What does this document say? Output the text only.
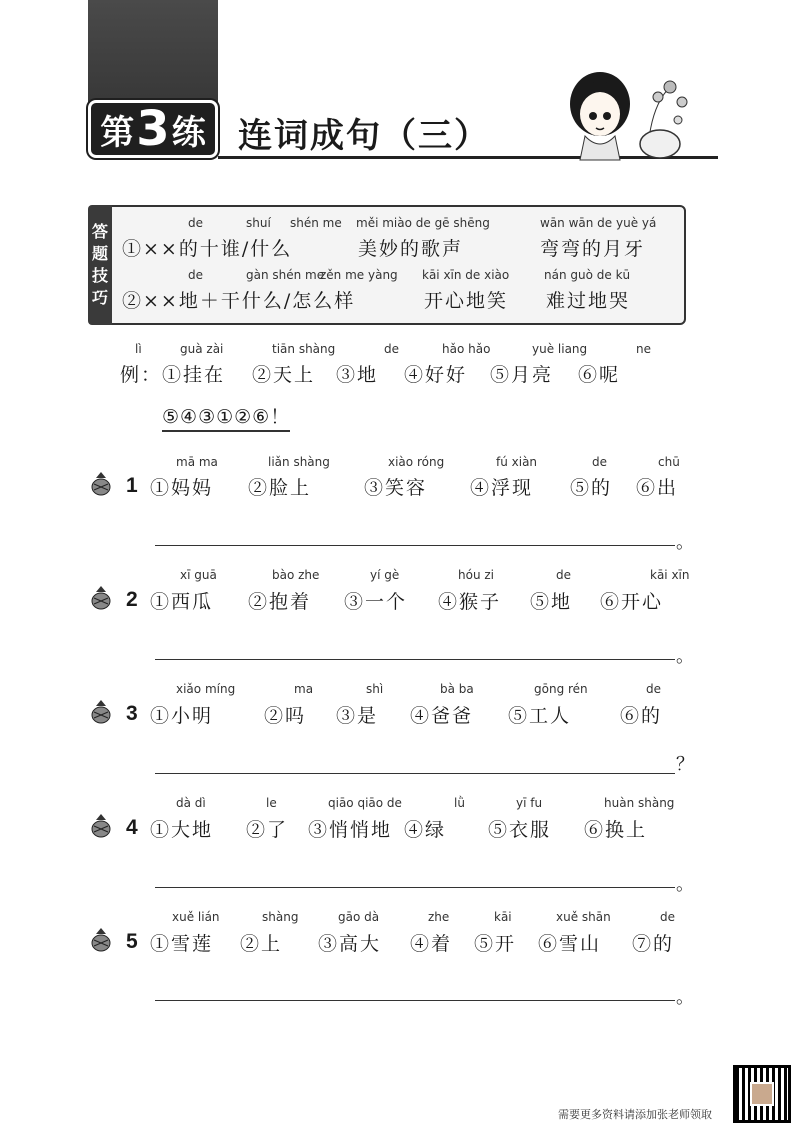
第 3 练 连词成句（三）
答
题
技
巧
de	shuí shén me měi miào de gē shēng	wān wān de yuè yá
①××的十谁/什么	美妙的歌声	弯弯的月牙
de	gàn shén me
zěn me yàng kāi xīn de xiào	nán guò de kū
②××地＋干什么/怎么样	开心地笑 难过地哭
lì	guà zài	tiān shàng	de	hǎo hǎo	yuè liang	ne
例： ①挂在 ②天上 ③地 ④好好 ⑤月亮 ⑥呢
⑤④③①②⑥！
1
mā ma	liǎn shàng	xiào róng	fú xiàn	de	chū
①妈妈 ②脸上	③笑容 ④浮现 ⑤的 ⑥出
。
2
xī guā	bào zhe	yí gè	hóu zi	de	kāi xīn
①西瓜 ②抱着 ③一个 ④猴子 ⑤地 ⑥开心
。
3
xiǎo míng	ma	shì	bà ba	gōng rén	de
①小明	②吗 ③是 ④爸爸 ⑤工人	⑥的
？
4
dà dì	le	qiāo qiāo de	lǜ	yī fu	huàn shàng
①大地 ②了 ③悄悄地 ④绿 ⑤衣服 ⑥换上
。
5
xuě lián	shàng	gāo dà	zhe	kāi	xuě shān	de
①雪莲 ②上 ③高大 ④着 ⑤开 ⑥雪山 ⑦的
。
需要更多资料请添加张老师领取
